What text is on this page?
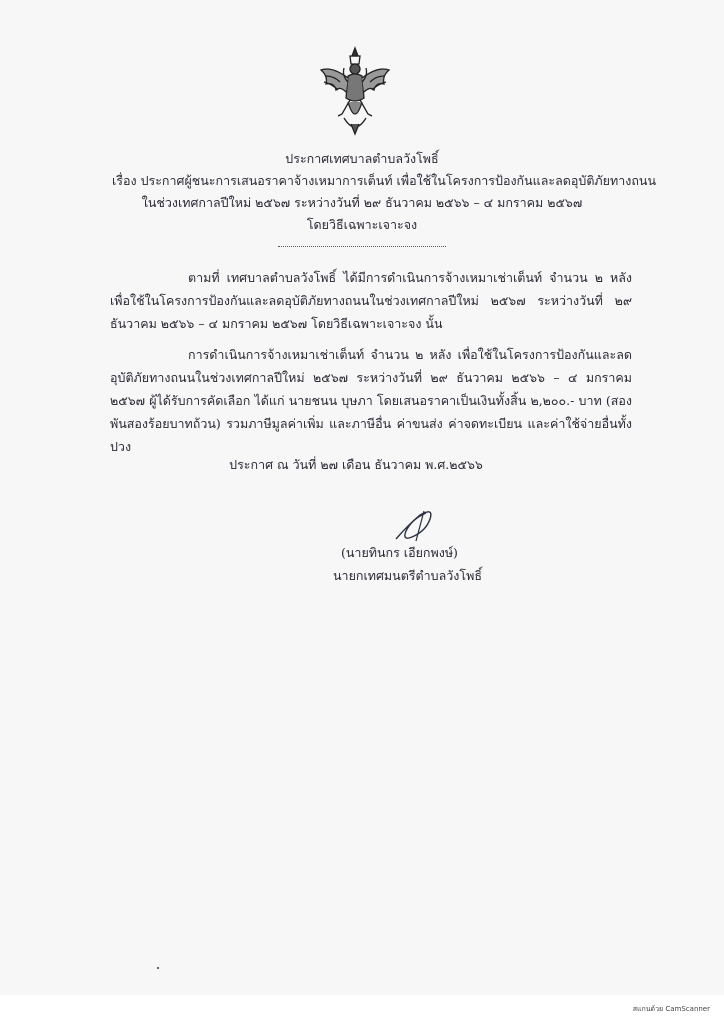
ประกาศเทศบาลตำบลวังโพธิ์
เรื่อง ประกาศผู้ชนะการเสนอราคาจ้างเหมาการเต็นท์ เพื่อใช้ในโครงการป้องกันและลดอุบัติภัยทางถนน
ในช่วงเทศกาลปีใหม่ ๒๕๖๗ ระหว่างวันที่ ๒๙ ธันวาคม ๒๕๖๖ – ๔ มกราคม ๒๕๖๗
โดยวิธีเฉพาะเจาะจง
ตามที่ เทศบาลตำบลวังโพธิ์ ได้มีการดำเนินการจ้างเหมาเช่าเต็นท์ จำนวน ๒ หลัง เพื่อใช้ในโครงการป้องกันและลดอุบัติภัยทางถนนในช่วงเทศกาลปีใหม่ ๒๕๖๗ ระหว่างวันที่ ๒๙ ธันวาคม ๒๕๖๖ – ๔ มกราคม ๒๕๖๗ โดยวิธีเฉพาะเจาะจง นั้น
การดำเนินการจ้างเหมาเช่าเต็นท์ จำนวน ๒ หลัง เพื่อใช้ในโครงการป้องกันและลดอุบัติภัยทางถนนในช่วงเทศกาลปีใหม่ ๒๕๖๗ ระหว่างวันที่ ๒๙ ธันวาคม ๒๕๖๖ – ๔ มกราคม ๒๕๖๗ ผู้ได้รับการคัดเลือก ได้แก่ นายชนน บุษภา โดยเสนอราคาเป็นเงินทั้งสิ้น ๒,๒๐๐.- บาท (สองพันสองร้อยบาทถ้วน) รวมภาษีมูลค่าเพิ่ม และภาษีอื่น ค่าขนส่ง ค่าจดทะเบียน และค่าใช้จ่ายอื่นทั้งปวง
ประกาศ ณ วันที่ ๒๗ เดือน ธันวาคม พ.ศ.๒๕๖๖
(นายทินกร เอียกพงษ์)
นายกเทศมนตรีตำบลวังโพธิ์
สแกนด้วย CamScanner
